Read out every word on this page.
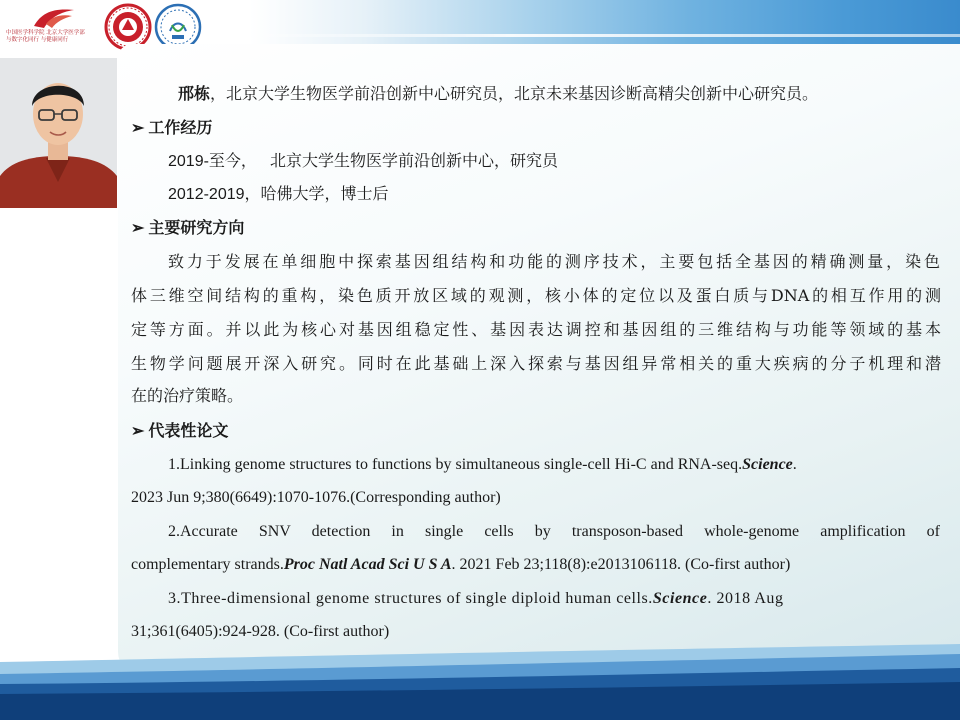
中国医学科学院 北京大学医学部
与数字化同行 与健康同行
邢栋，北京大学生物医学前沿创新中心研究员，北京未来基因诊断高精尖创新中心研究员。
➢ 工作经历
2019-至今， 北京大学生物医学前沿创新中心，研究员
2012-2019，哈佛大学，博士后
➢ 主要研究方向
致力于发展在单细胞中探索基因组结构和功能的测序技术，主要包括全基因的精确测量，染色
体三维空间结构的重构，染色质开放区域的观测，核小体的定位以及蛋白质与DNA的相互作用的测
定等方面。并以此为核心对基因组稳定性、基因表达调控和基因组的三维结构与功能等领域的基本
生物学问题展开深入研究。同时在此基础上深入探索与基因组异常相关的重大疾病的分子机理和潜
在的治疗策略。
➢ 代表性论文
1.Linking genome structures to functions by simultaneous single-cell Hi-C and RNA-seq.Science.
2023 Jun 9;380(6649):1070-1076.(Corresponding author)
2.Accurate SNV detection in single cells by transposon-based whole-genome amplification of
complementary strands.Proc Natl Acad Sci U S A. 2021 Feb 23;118(8):e2013106118. (Co-first author)
3.Three-dimensional genome structures of single diploid human cells.Science. 2018 Aug
31;361(6405):924-928. (Co-first author)
